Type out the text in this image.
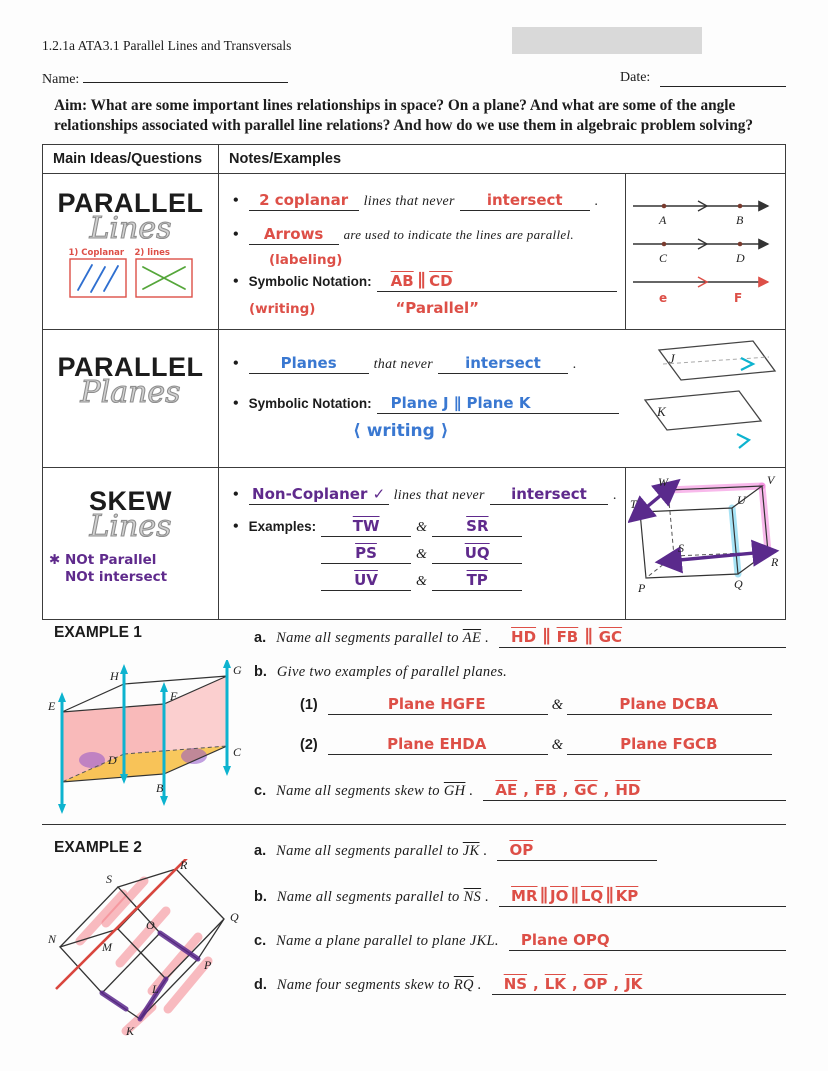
1.2.1a ATA3.1 Parallel Lines and Transversals
Name:	Date:
Aim: What are some important lines relationships in space? On a plane? And what are some of the angle relationships associated with parallel line relations? And how do we use them in algebraic problem solving?
Main Ideas/Questions	Notes/Examples
PARALLEL
Lines
1) Coplanar 2) lines
• 2 coplanar lines that never intersect .
• Arrows are used to indicate the lines are parallel.
(labeling)
• Symbolic Notation: $\overline{AB}$
∥
$\overline{CD}$
(writing)	“Parallel”
A	B
C	D
e	F
PARALLEL
Planes
• Planes	that never intersect .
• Symbolic Notation: Plane J ∥ Plane K
⟨ writing ⟩
J
K
SKEW
Lines
✱ NOt Parallel
NOt intersect
• Non-Coplaner ✓ lines that never intersect .
• Examples: $\overline{TW}$	&	$\overline{SR}$
$\overline{PS}$	&	$\overline{UQ}$
$\overline{UV}$	&	$\overline{TP}$
W	V
T	U
S
R
P	Q
EXAMPLE 1
H	G
E
F
D
C
B
a. Name all segments parallel to $\overline{AE}$ . $\overline{HD}$ ∥ $\overline{FB}$ ∥ $\overline{GC}$
b. Give two examples of parallel planes.
(1)	Plane HGFE	&	Plane DCBA
(2)	Plane EHDA	&	Plane FGCB
c. Name all segments skew to $\overline{GH}$ . $\overline{AE}$ , $\overline{FB}$ , $\overline{GC}$ , $\overline{HD}$
EXAMPLE 2
S
R
Q
P
O
N
M
L
K
a. Name all segments parallel to $\overline{JK}$ . $\overline{OP}$
b. Name all segments parallel to $\overline{NS}$ . $\overline{MR}$ ∥ $\overline{JO}$ ∥ $\overline{LQ}$ ∥ $\overline{KP}$
c. Name a plane parallel to plane JKL. Plane OPQ
d. Name four segments skew to $\overline{RQ}$ . $\overline{NS}$ , $\overline{LK}$ , $\overline{OP}$ , $\overline{JK}$
